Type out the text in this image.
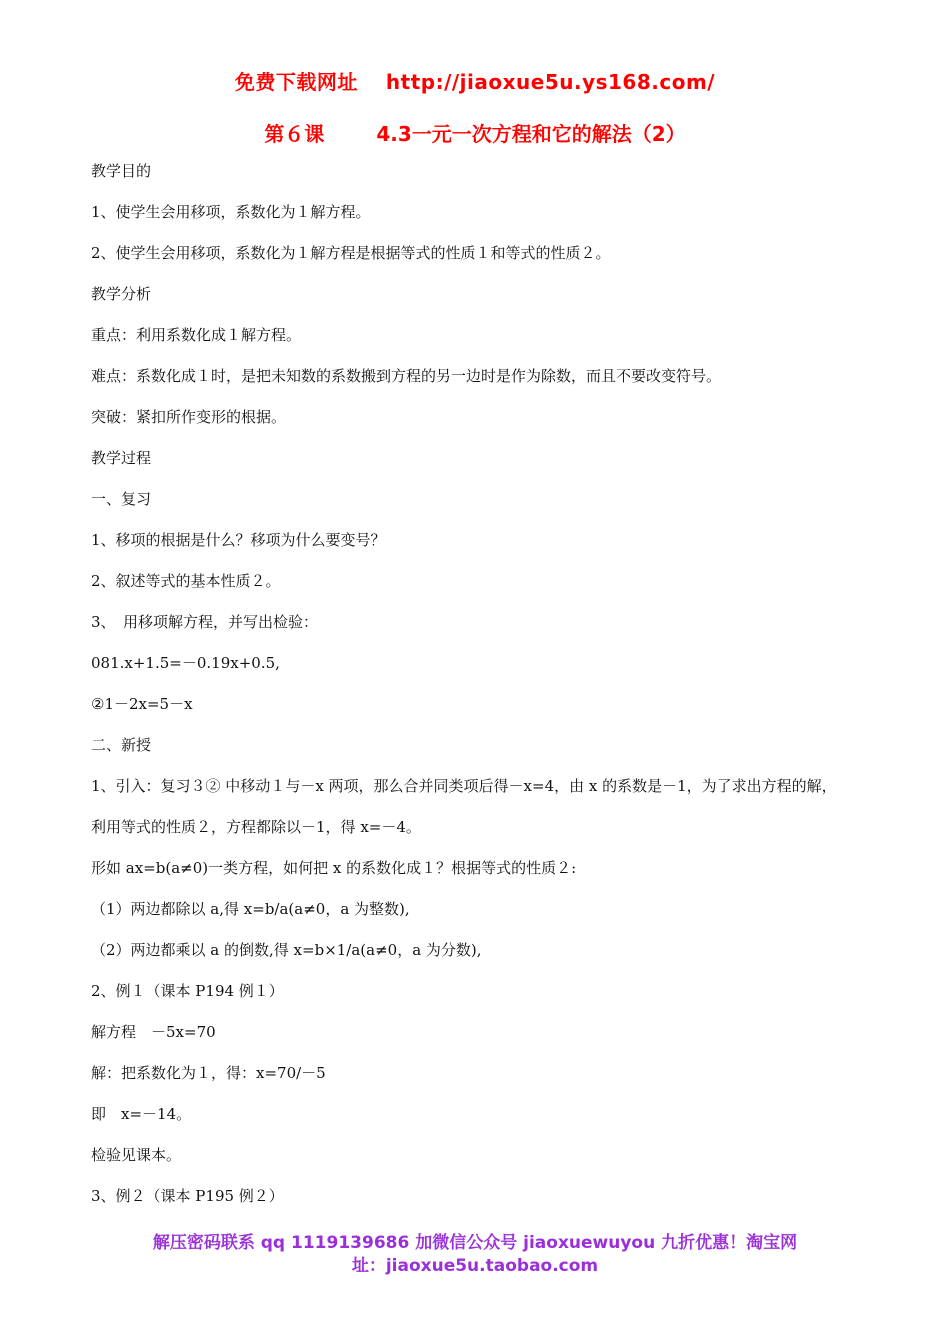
免费下载网址 http://jiaoxue5u.ys168.com/
第６课	4.3一元一次方程和它的解法（2）
教学目的
1、使学生会用移项，系数化为１解方程。
2、使学生会用移项，系数化为１解方程是根据等式的性质１和等式的性质２。
教学分析
重点：利用系数化成１解方程。
难点：系数化成１时，是把未知数的系数搬到方程的另一边时是作为除数，而且不要改变符号。
突破：紧扣所作变形的根据。
教学过程
一、复习
1、移项的根据是什么？移项为什么要变号？
2、叙述等式的基本性质２。
3、　用移项解方程，并写出检验：
081.x+1.5=－0.19x+0.5,
②1－2x=5－x
二、新授
1、引入：复习３② 中移动１与－x 两项，那么合并同类项后得－x=4，由 x 的系数是－1，为了求出方程的解，
利用等式的性质２，方程都除以－1，得 x=－4。
形如 ax=b(a≠0)一类方程，如何把 x 的系数化成１？根据等式的性质２:
（1）两边都除以 a,得 x=b/a(a≠0，a 为整数),
（2）两边都乘以 a 的倒数,得 x=b×1/a(a≠0，a 为分数),
2、例１（课本 P194 例１）
解方程　－5x=70
解：把系数化为１，得：x=70/－5
即　x=－14。
检验见课本。
3、例２（课本 P195 例２）
解压密码联系 qq 1119139686 加微信公众号 jiaoxuewuyou 九折优惠！淘宝网
址：jiaoxue5u.taobao.com
